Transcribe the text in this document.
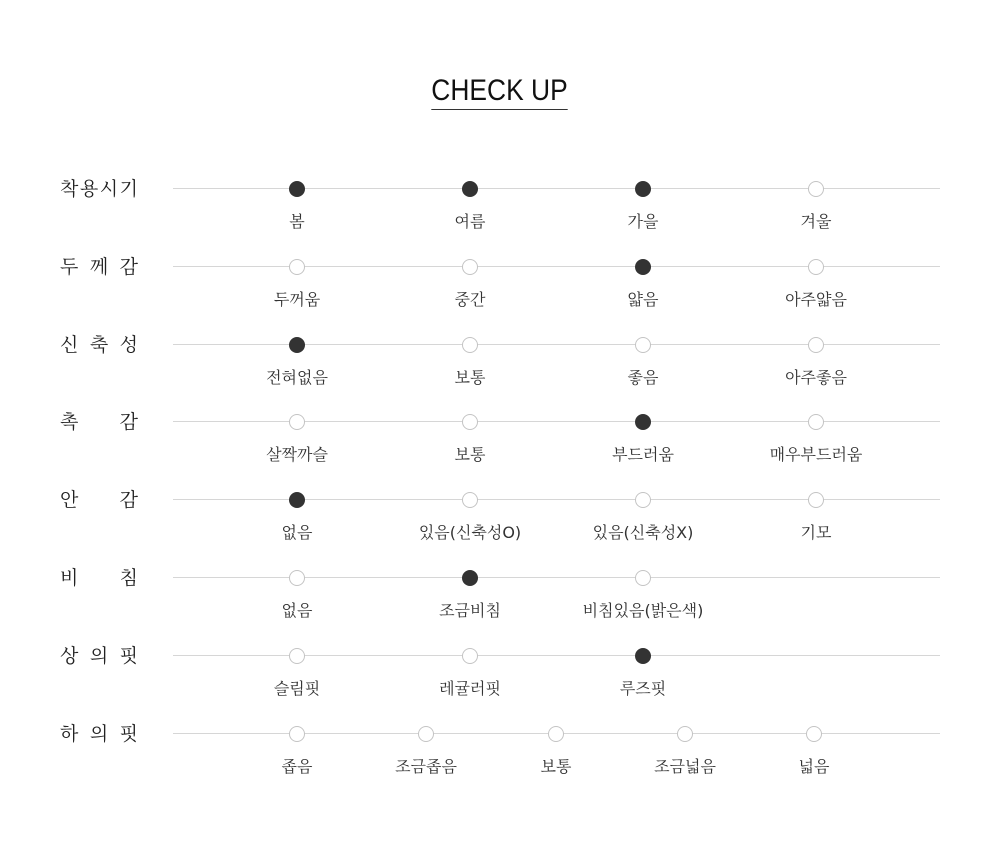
CHECK UP
착 용 시 기
봄	여름	가을	겨울
두 께 감
두꺼움	중간	얇음	아주얇음
신 축 성
전혀없음	보통	좋음	아주좋음
촉 감
살짝까슬	보통	부드러움	매우부드러움
안 감
없음	있음(신축성O)	있음(신축성X)	기모
비 침
없음	조금비침	비침있음(밝은색)
상 의 핏
슬림핏	레귤러핏	루즈핏
하 의 핏
좁음	조금좁음	보통	조금넓음	넓음
